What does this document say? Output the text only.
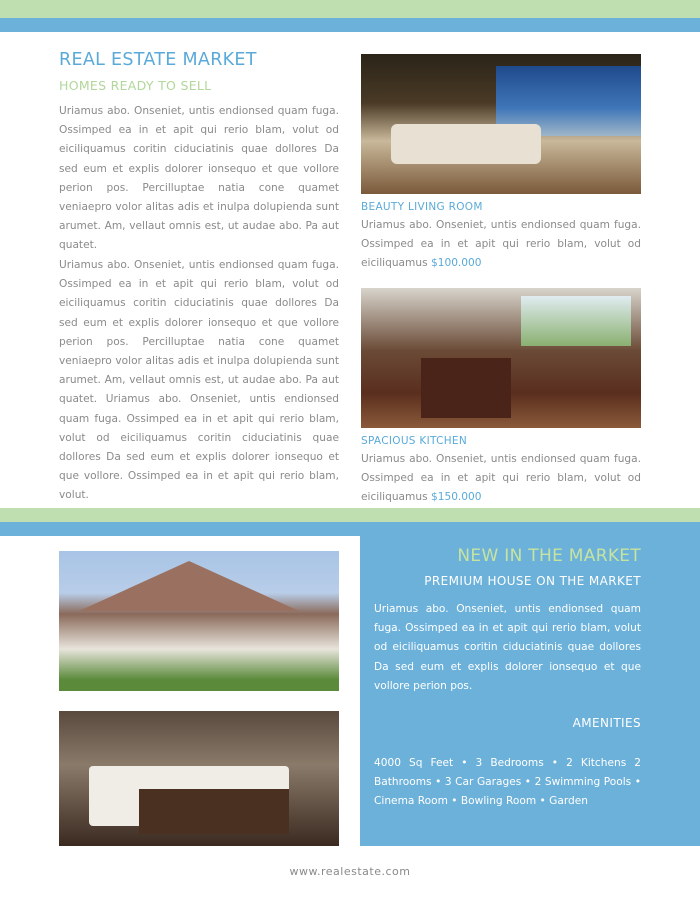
REAL ESTATE MARKET
HOMES READY TO SELL

Uriamus abo. Onseniet, untis endionsed quam fuga. Ossimped ea in et apit qui rerio blam, volut od eiciliquamus coritin ciduciatinis quae dollores Da sed eum et explis dolorer ionsequo et que vollore perion pos. Percilluptae natia cone quamet veniaepro volor alitas adis et inulpa dolupienda sunt arumet. Am, vellaut omnis est, ut audae abo. Pa aut quatet.

Uriamus abo. Onseniet, untis endionsed quam fuga. Ossimped ea in et apit qui rerio blam, volut od eiciliquamus coritin ciduciatinis quae dollores Da sed eum et explis dolorer ionsequo et que vollore perion pos. Percilluptae natia cone quamet veniaepro volor alitas adis et inulpa dolupienda sunt arumet. Am, vellaut omnis est, ut audae abo. Pa aut quatet. Uriamus abo. Onseniet, untis endionsed quam fuga. Ossimped ea in et apit qui rerio blam, volut od eiciliquamus coritin ciduciatinis quae dollores Da sed eum et explis dolorer ionsequo et que vollore. Ossimped ea in et apit qui rerio blam, volut.

BEAUTY LIVING ROOM

Uriamus abo. Onseniet, untis endionsed quam fuga. Ossimped ea in et apit qui rerio blam, volut od eiciliquamus $100.000

SPACIOUS KITCHEN

Uriamus abo. Onseniet, untis endionsed quam fuga. Ossimped ea in et apit qui rerio blam, volut od eiciliquamus $150.000

NEW IN THE MARKET
PREMIUM HOUSE ON THE MARKET

Uriamus abo. Onseniet, untis endionsed quam fuga. Ossimped ea in et apit qui rerio blam, volut od eiciliquamus coritin ciduciatinis quae dollores Da sed eum et explis dolorer ionsequo et que vollore perion pos.

AMENITIES

4000 Sq Feet • 3 Bedrooms • 2 Kitchens 2 Bathrooms • 3 Car Garages • 2 Swimming Pools • Cinema Room • Bowling Room • Garden

www.realestate.com
